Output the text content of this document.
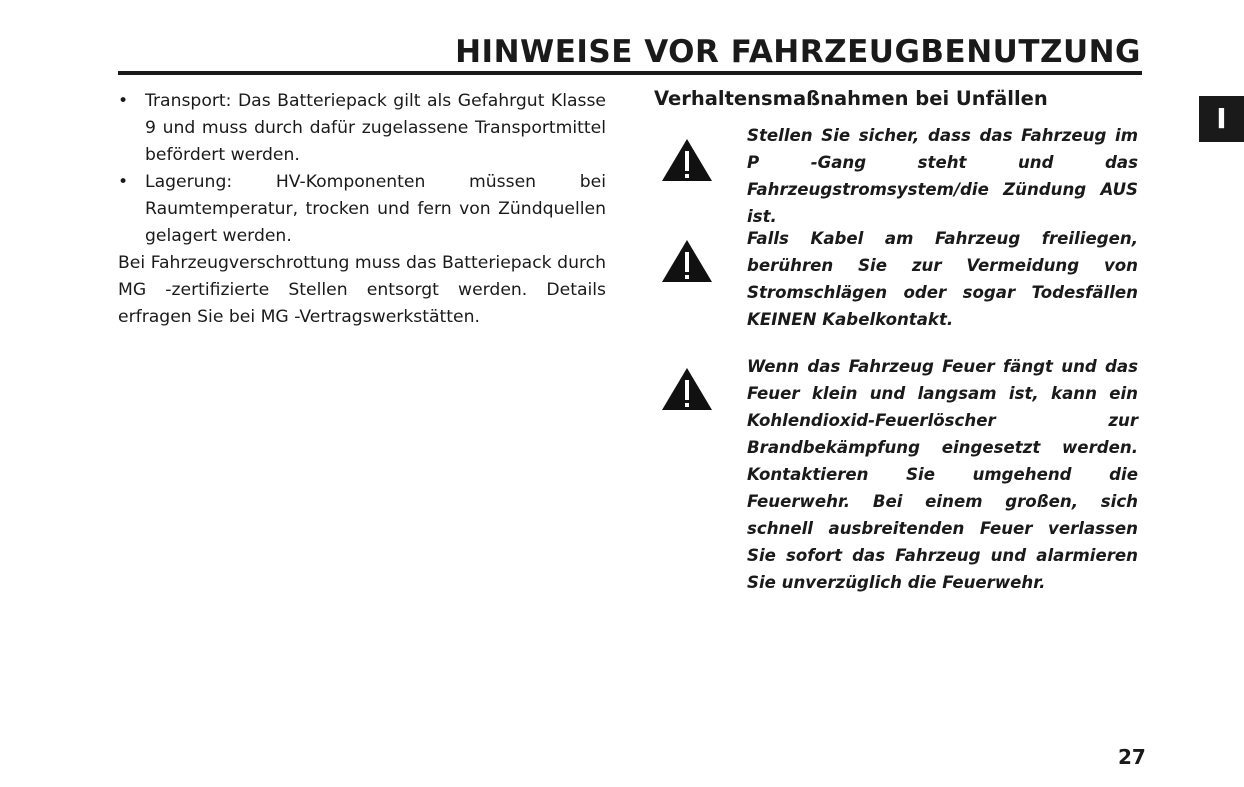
HINWEISE VOR FAHRZEUGBENUTZUNG
I
• Transport: Das Batteriepack gilt als Gefahrgut Klasse 9 und muss durch dafür zugelassene Transportmittel befördert werden.
• Lagerung: HV-Komponenten müssen bei Raumtemperatur, trocken und fern von Zündquellen gelagert werden.
Bei Fahrzeugverschrottung muss das Batteriepack durch MG -zertifizierte Stellen entsorgt werden. Details erfragen Sie bei MG -Vertragswerkstätten.
Verhaltensmaßnahmen bei Unfällen
Stellen Sie sicher, dass das Fahrzeug im P -Gang steht und das Fahrzeugstromsystem/die Zündung AUS ist.
Falls Kabel am Fahrzeug freiliegen, berühren Sie zur Vermeidung von Stromschlägen oder sogar Todesfällen KEINEN Kabelkontakt.
Wenn das Fahrzeug Feuer fängt und das Feuer klein und langsam ist, kann ein Kohlendioxid-Feuerlöscher zur Brandbekämpfung eingesetzt werden. Kontaktieren Sie umgehend die Feuerwehr. Bei einem großen, sich schnell ausbreitenden Feuer verlassen Sie sofort das Fahrzeug und alarmieren Sie unverzüglich die Feuerwehr.
27
